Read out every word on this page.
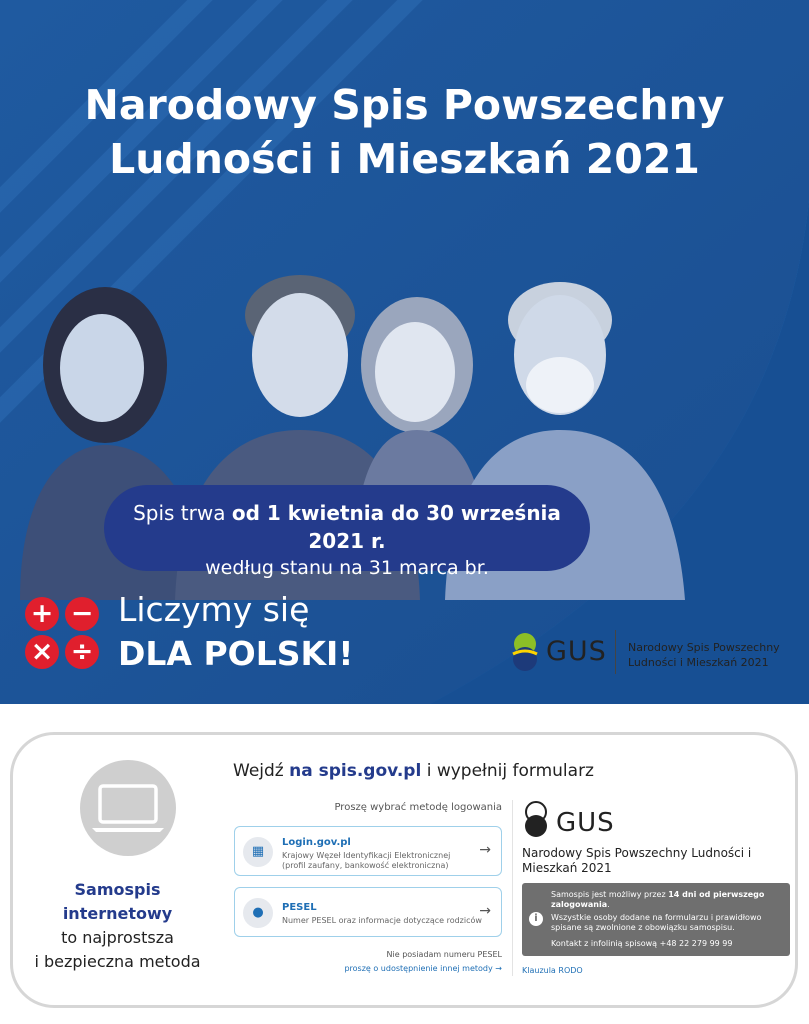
Narodowy Spis Powszechny
Ludności i Mieszkań 2021
Spis trwa od 1 kwietnia do 30 września 2021 r.
według stanu na 31 marca br.
+ −
× ÷
Liczymy się
DLA POLSKI!	GUS Narodowy Spis Powszechny
Ludności i Mieszkań 2021
Wejdź na spis.gov.pl i wypełnij formularz
Samospis internetowy
to najprostsza
i bezpieczna metoda
Proszę wybrać metodę logowania
▦
Login.gov.pl
Krajowy Węzeł Identyfikacji Elektronicznej
(profil zaufany, bankowość elektroniczna)
→
●	PESEL
Numer PESEL oraz informacje dotyczące rodziców
→
Nie posiadam numeru PESEL
proszę o udostępnienie innej metody →
GUS
Narodowy Spis Powszechny Ludności i
Mieszkań 2021
i
Samospis jest możliwy przez 14 dni od pierwszego zalogowania.
Wszystkie osoby dodane na formularzu i prawidłowo spisane są zwolnione z obowiązku samospisu.
Kontakt z infolinią spisową +48 22 279 99 99
Klauzula RODO
